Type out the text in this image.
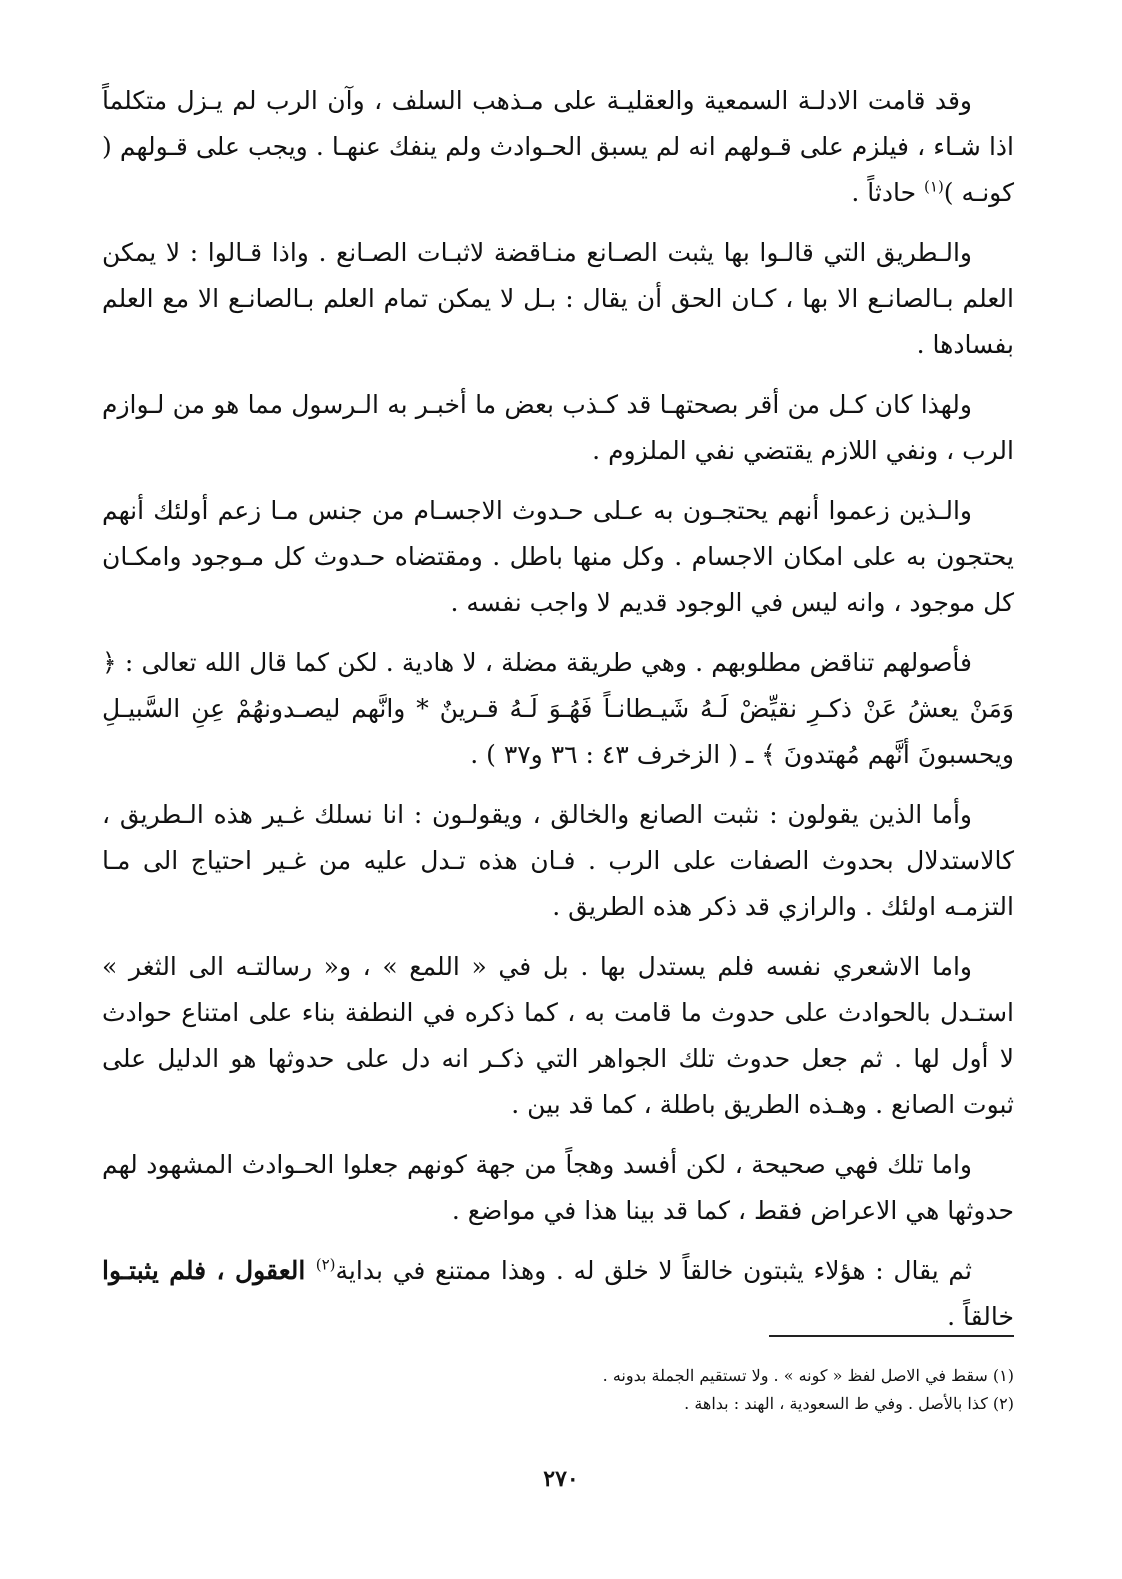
وقد قامت الادلـة السمعية والعقليـة على مـذهب السلف ، وآن الرب لم يـزل متكلماً اذا شـاء ، فيلزم على قـولهم انه لم يسبق الحـوادث ولم ينفك عنهـا . ويجب على قـولهم ( كونـه )$^{(١)}$ حادثاً .

والـطريق التي قالـوا بها يثبت الصـانع منـاقضة لاثبـات الصـانع . واذا قـالوا : لا يمكن العلم بـالصانـع الا بها ، كـان الحق أن يقال : بـل لا يمكن تمام العلم بـالصانـع الا مع العلم بفسادها .

ولهذا كان كـل من أقر بصحتهـا قد كـذب بعض ما أخبـر به الـرسول مما هو من لـوازم الرب ، ونفي اللازم يقتضي نفي الملزوم .

والـذين زعموا أنهم يحتجـون به عـلى حـدوث الاجسـام من جنس مـا زعم أولئك أنهم يحتجون به على امكان الاجسام . وكل منها باطل . ومقتضاه حـدوث كل مـوجود وامكـان كل موجود ، وانه ليس في الوجود قديم لا واجب نفسه .

فأصولهم تناقض مطلوبهم . وهي طريقة مضلة ، لا هادية . لكن كما قال الله تعالى : ﴿ وَمَنْ يعشُ عَنْ ذكـرِ نقيِّضْ لَـهُ شَيـطانـاً فَهُـوَ لَـهُ قـرينٌ * وانَّهم ليصـدونهُمْ عِنِ السَّبيـلِ ويحسبونَ أنَّهم مُهتدونَ ﴾ ـ ( الزخرف ٤٣ : ٣٦ و٣٧ ) .

وأما الذين يقولون : نثبت الصانع والخالق ، ويقولـون : انا نسلك غـير هذه الـطريق ، كالاستدلال بحدوث الصفات على الرب . فـان هذه تـدل عليه من غـير احتياج الى مـا التزمـه اولئك . والرازي قد ذكر هذه الطريق .

واما الاشعري نفسه فلم يستدل بها . بل في « اللمع » ، و« رسالتـه الى الثغر » استـدل بالحوادث على حدوث ما قامت به ، كما ذكره في النطفة بناء على امتناع حوادث لا أول لها . ثم جعل حدوث تلك الجواهر التي ذكـر انه دل على حدوثها هو الدليل على ثبوت الصانع . وهـذه الطريق باطلة ، كما قد بين .

واما تلك فهي صحيحة ، لكن أفسد وهجاً من جهة كونهم جعلوا الحـوادث المشهود لهم حدوثها هي الاعراض فقط ، كما قد بينا هذا في مواضع .

ثم يقال : هؤلاء يثبتون خالقاً لا خلق له . وهذا ممتنع في بداية$^{(٢)}$ العقول ، فلم يثبتـوا خالقاً .

(١) سقط في الاصل لفظ « كونه » . ولا تستقيم الجملة بدونه .

(٢) كذا بالأصل . وفي ط السعودية ، الهند : بداهة .

٢٧٠
